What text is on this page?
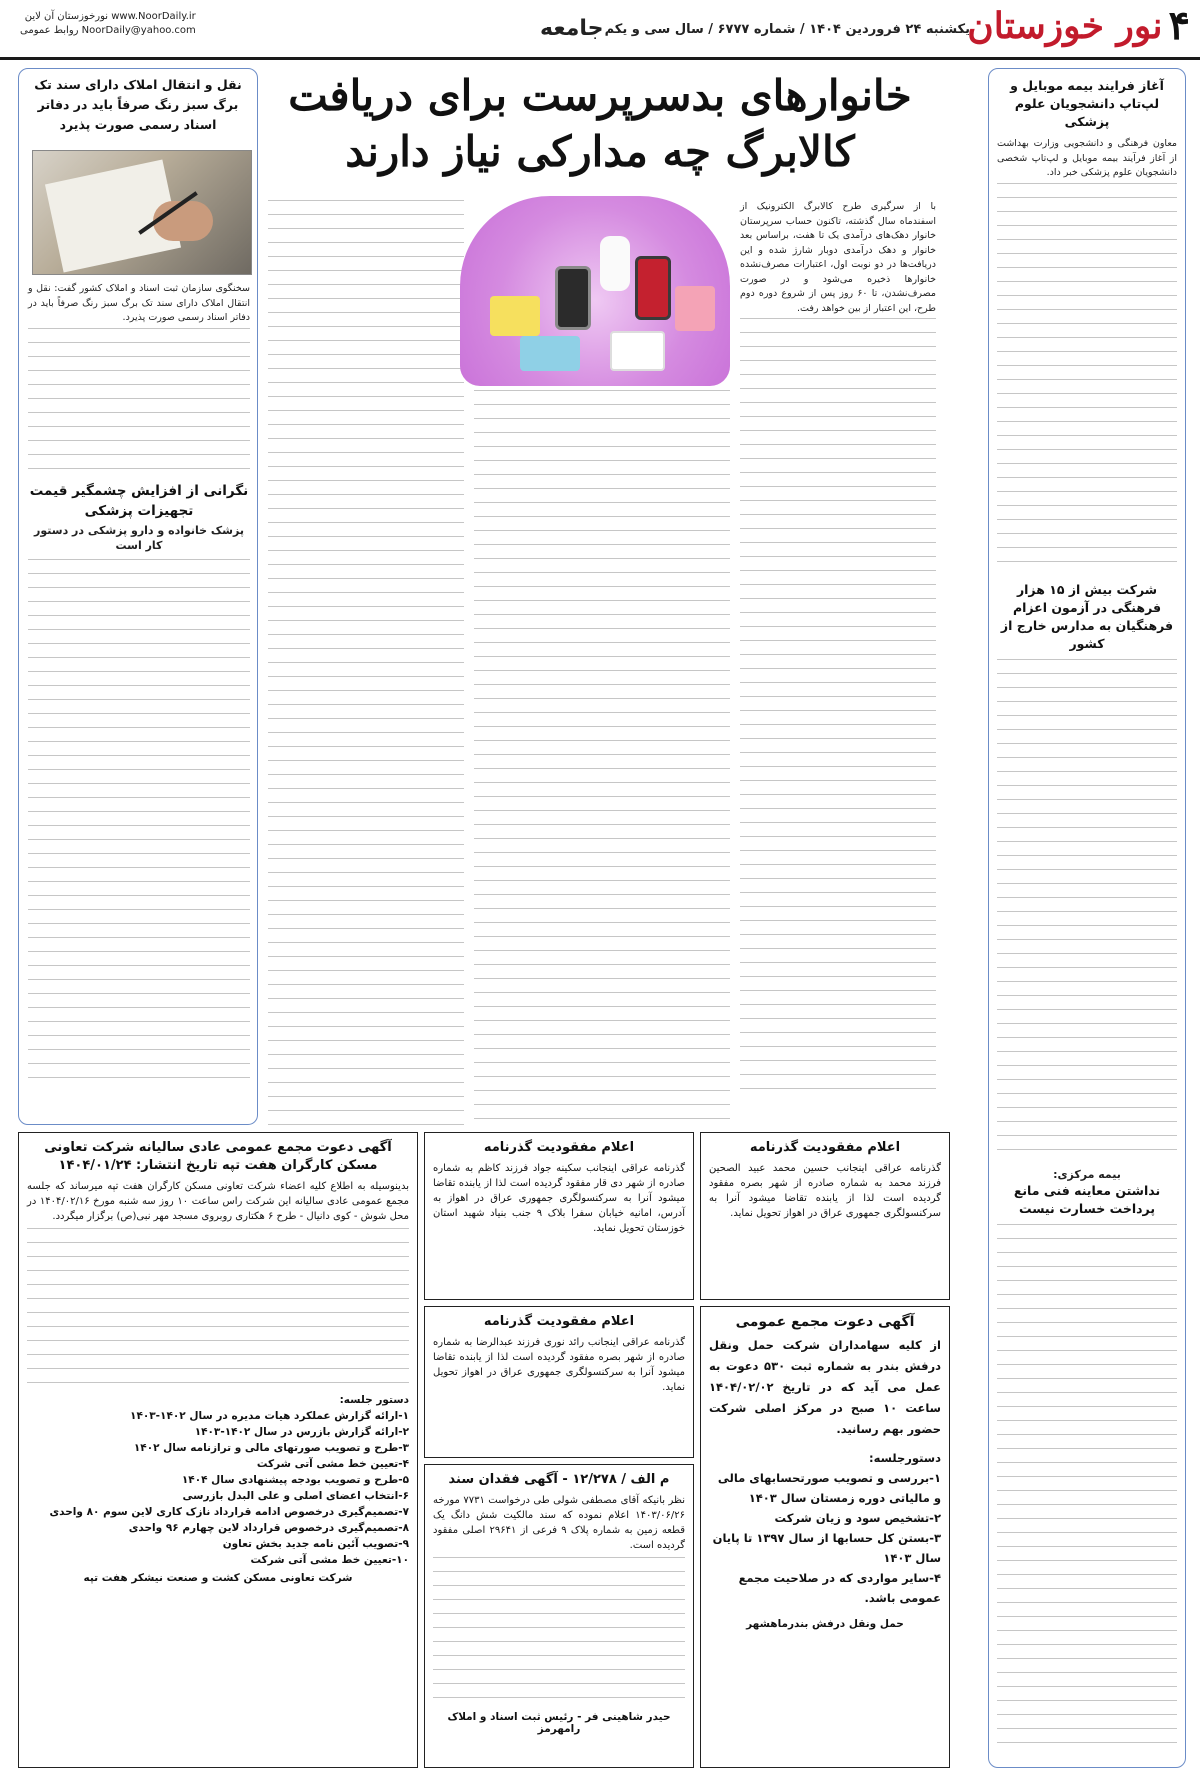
۴
نور خوزستان
یکشنبه ۲۴ فروردین ۱۴۰۴ / شماره ۶۷۷۷ / سال سی و یکم
جامعه
نورخوزستان آن لاین www.NoorDaily.ir
روابط عمومی NoorDaily@yahoo.com
آغاز فرایند بیمه موبایل و لپ‌تاپ دانشجویان علوم پزشکی
معاون فرهنگی و دانشجویی وزارت بهداشت از آغاز فرآیند بیمه موبایل و لپ‌تاپ شخصی دانشجویان علوم پزشکی خبر داد.
شرکت بیش از ۱۵ هزار فرهنگی در آزمون اعزام فرهنگیان به مدارس خارج از کشور
بیمه مرکزی:
نداشتن معاینه فنی مانع پرداخت خسارت نیست
خانوارهای بدسرپرست برای دریافت
کالابرگ چه مدارکی نیاز دارند
با از سرگیری طرح کالابرگ الکترونیک از اسفندماه سال گذشته، تاکنون حساب سرپرستان خانوار دهک‌های درآمدی یک تا هفت، براساس بعد خانوار و دهک درآمدی دوبار شارژ شده و این دریافت‌ها در دو نوبت اول، اعتبارات مصرف‌نشده خانوارها ذخیره می‌شود و در صورت مصرف‌نشدن، تا ۶۰ روز پس از شروع دوره دوم طرح، این اعتبار از بین خواهد رفت.
نقل و انتقال املاک دارای سند تک برگ سبز رنگ صرفاً باید در دفاتر اسناد رسمی صورت پذیرد
سخنگوی سازمان ثبت اسناد و املاک کشور گفت: نقل و انتقال املاک دارای سند تک برگ سبز رنگ صرفاً باید در دفاتر اسناد رسمی صورت پذیرد.
نگرانی از افزایش چشمگیر قیمت تجهیزات پزشکی
پزشک خانواده و دارو پزشکی در دستور کار است
آگهی دعوت مجمع عمومی عادی سالیانه شرکت تعاونی مسکن کارگران هفت تپه تاریخ انتشار: ۱۴۰۴/۰۱/۲۴
بدینوسیله به اطلاع کلیه اعضاء شرکت تعاونی مسکن کارگران هفت تپه میرساند که جلسه مجمع عمومی عادی سالیانه این شرکت راس ساعت ۱۰ روز سه شنبه مورخ ۱۴۰۴/۰۲/۱۶ در محل شوش - کوی دانیال - طرح ۶ هکتاری روبروی مسجد مهر نبی(ص) برگزار میگردد.
دستور جلسه:
۱-ارائه گزارش عملکرد هیات مدیره در سال ۱۴۰۲-۱۴۰۳
۲-ارائه گزارش بازرس در سال ۱۴۰۲-۱۴۰۳
۳-طرح و تصویب صورتهای مالی و ترازنامه سال ۱۴۰۲
۴-تعیین خط مشی آتی شرکت
۵-طرح و تصویب بودجه پیشنهادی سال ۱۴۰۴
۶-انتخاب اعضای اصلی و علی البدل بازرسی
۷-تصمیم‌گیری درخصوص ادامه قرارداد نازک کاری لاین سوم ۸۰ واحدی
۸-تصمیم‌گیری درخصوص قرارداد لاین چهارم ۹۶ واحدی
۹-تصویب آئین نامه جدید بخش تعاون
۱۰-تعیین خط مشی آتی شرکت
شرکت تعاونی مسکن کشت و صنعت نیشکر هفت تپه
اعلام مفقودیت گذرنامه
گذرنامه عراقی اینجانب سکینه جواد فرزند کاظم به شماره صادره از شهر دی قار مفقود گردیده است لذا از یابنده تقاضا میشود آنرا به سرکنسولگری جمهوری عراق در اهواز به آدرس، امانیه خیابان سفرا بلاک ۹ جنب بنیاد شهید استان خوزستان تحویل نماید.
اعلام مفقودیت گذرنامه
گذرنامه عراقی اینجانب حسین محمد عبید الصحین فرزند محمد به شماره صادره از شهر بصره مفقود گردیده است لذا از یابنده تقاضا میشود آنرا به سرکنسولگری جمهوری عراق در اهواز تحویل نماید.
اعلام مفقودیت گذرنامه
گذرنامه عراقی اینجانب رائد نوری فرزند عبدالرضا به شماره صادره از شهر بصره مفقود گردیده است لذا از یابنده تقاضا میشود آنرا به سرکنسولگری جمهوری عراق در اهواز تحویل نماید.
م الف / ۱۲/۲۷۸ - آگهی فقدان سند
نظر بانیکه آقای مصطفی شولی طی درخواست ۷۷۳۱ مورخه ۱۴۰۳/۰۶/۲۶ اعلام نموده که سند مالکیت شش دانگ یک قطعه زمین به شماره پلاک ۹ فرعی از ۲۹۶۴۱ اصلی مفقود گردیده است.
حیدر شاهینی فر - رئیس ثبت اسناد و املاک رامهرمز
آگهی دعوت مجمع عمومی
از کلیه سهامداران شرکت حمل ونقل درفش بندر به شماره ثبت ۵۳۰ دعوت به عمل می آید که در تاریخ ۱۴۰۴/۰۲/۰۲ ساعت ۱۰ صبح در مرکز اصلی شرکت حضور بهم رسانید.
دستورجلسه:
۱-بررسی و تصویب صورتحسابهای مالی و مالیاتی دوره زمستان سال ۱۴۰۳
۲-تشخیص سود و زیان شرکت
۳-بستن کل حسابها از سال ۱۳۹۷ تا پایان سال ۱۴۰۳
۴-سایر مواردی که در صلاحیت مجمع عمومی باشد.
حمل ونقل درفش بندرماهشهر
